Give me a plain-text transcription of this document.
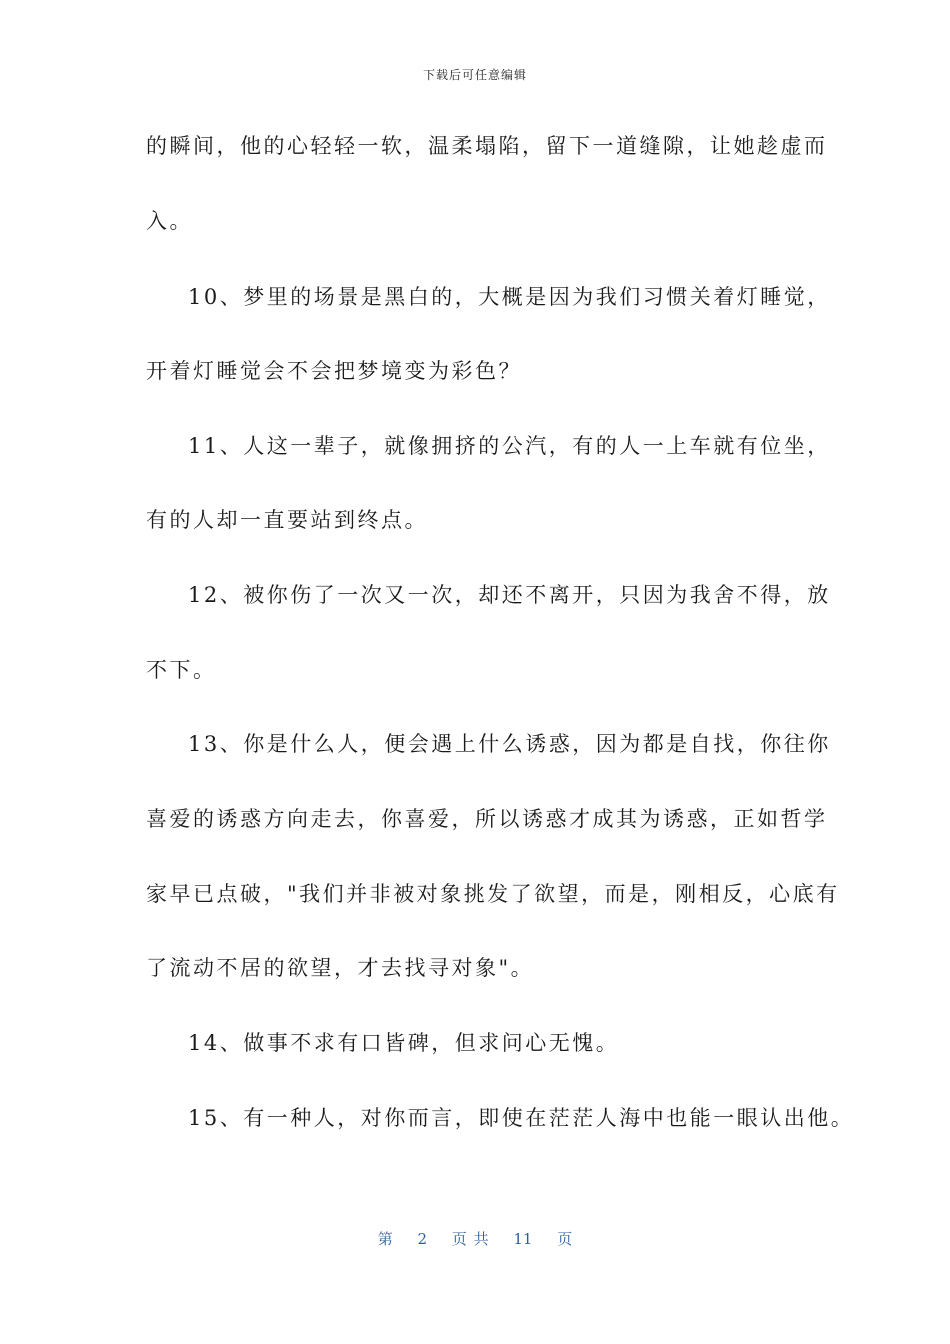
下载后可任意编辑
的瞬间，他的心轻轻一软，温柔塌陷，留下一道缝隙，让她趁虚而
入。
10、梦里的场景是黑白的，大概是因为我们习惯关着灯睡觉，
开着灯睡觉会不会把梦境变为彩色？
11、人这一辈子，就像拥挤的公汽，有的人一上车就有位坐，
有的人却一直要站到终点。
12、被你伤了一次又一次，却还不离开，只因为我舍不得，放
不下。
13、你是什么人，便会遇上什么诱惑，因为都是自找，你往你
喜爱的诱惑方向走去，你喜爱，所以诱惑才成其为诱惑，正如哲学
家早已点破，"我们并非被对象挑发了欲望，而是，刚相反，心底有
了流动不居的欲望，才去找寻对象"。
14、做事不求有口皆碑，但求问心无愧。
15、有一种人，对你而言，即使在茫茫人海中也能一眼认出他。
第 2 页 共 11 页
